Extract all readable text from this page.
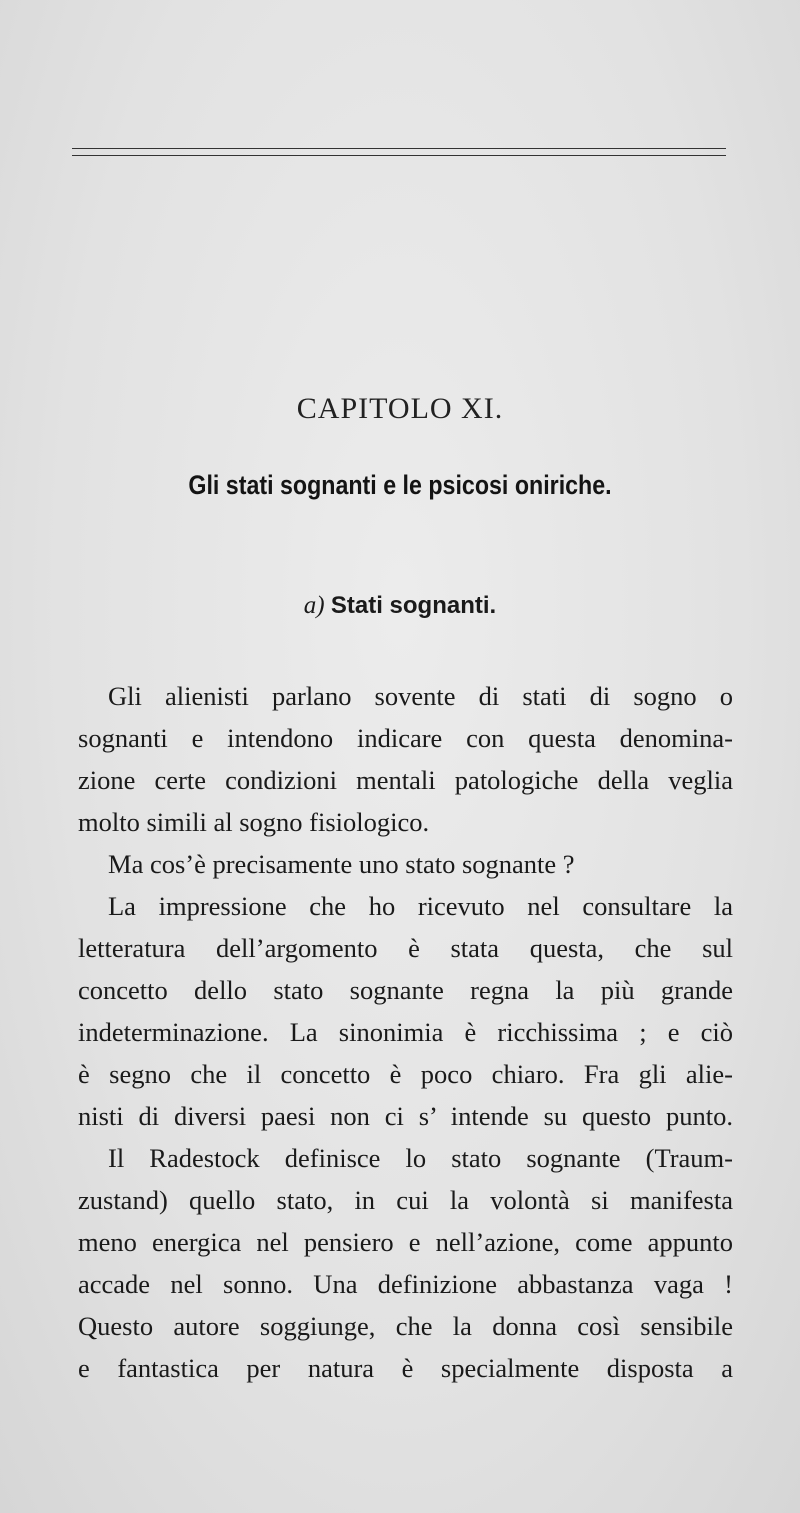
CAPITOLO XI.
Gli stati sognanti e le psicosi oniriche.
a) Stati sognanti.
Gli alienisti parlano sovente di stati di sogno o
sognanti e intendono indicare con questa denomina-
zione certe condizioni mentali patologiche della veglia
molto simili al sogno fisiologico.
Ma cos’è precisamente uno stato sognante ?
La impressione che ho ricevuto nel consultare la
letteratura dell’argomento è stata questa, che sul
concetto dello stato sognante regna la più grande
indeterminazione. La sinonimia è ricchissima ; e ciò
è segno che il concetto è poco chiaro. Fra gli alie-
nisti di diversi paesi non ci s’ intende su questo punto.
Il Radestock definisce lo stato sognante (Traum-
zustand) quello stato, in cui la volontà si manifesta
meno energica nel pensiero e nell’azione, come appunto
accade nel sonno. Una definizione abbastanza vaga !
Questo autore soggiunge, che la donna così sensibile
e fantastica per natura è specialmente disposta a
